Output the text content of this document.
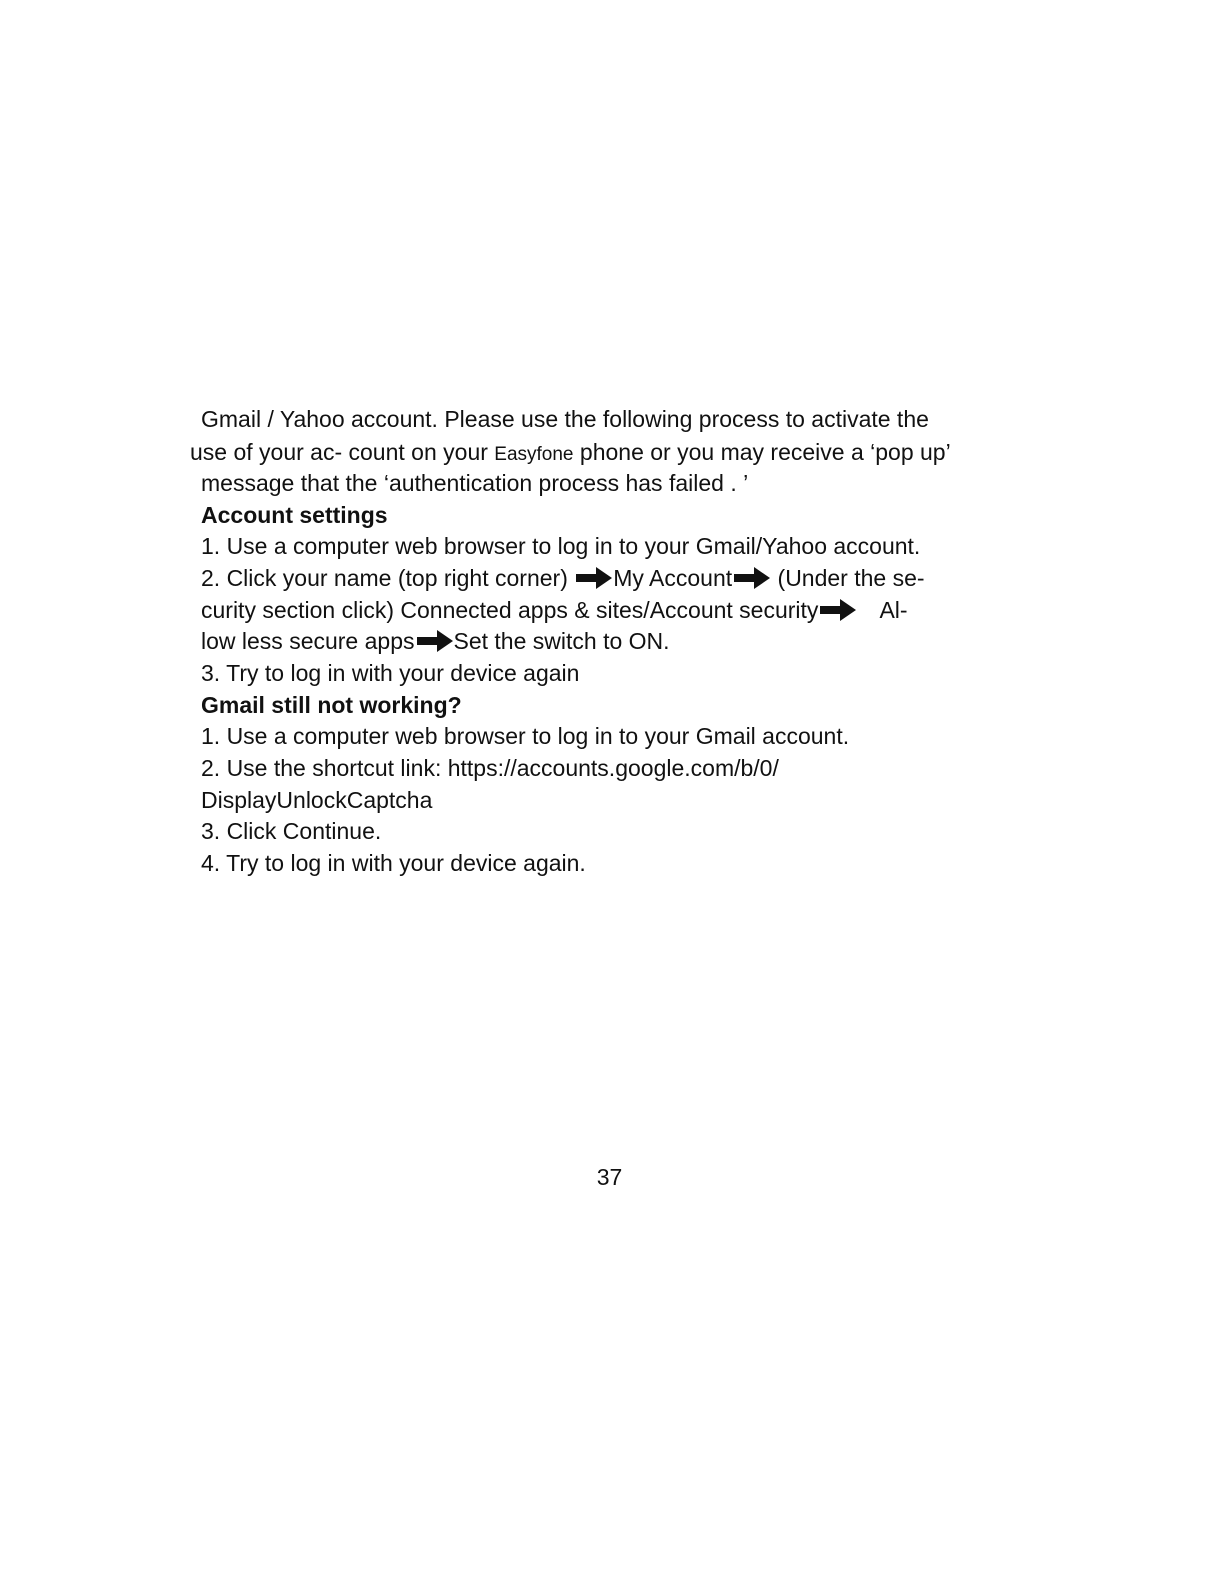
Gmail / Yahoo account. Please use the following process to activate the
use of your ac- count on your Easyfone phone or you may receive a ‘pop up’
message that the ‘authentication process has failed . ’
Account settings
1. Use a computer web browser to log in to your Gmail/Yahoo account.
2. Click your name (top right corner) My Account (Under the se-
curity section click) Connected apps & sites/Account security	Al-
low less secure apps Set the switch to ON.
3. Try to log in with your device again
Gmail still not working?
1. Use a computer web browser to log in to your Gmail account.
2. Use the shortcut link: https://accounts.google.com/b/0/
DisplayUnlockCaptcha
3. Click Continue.
4. Try to log in with your device again.
37
